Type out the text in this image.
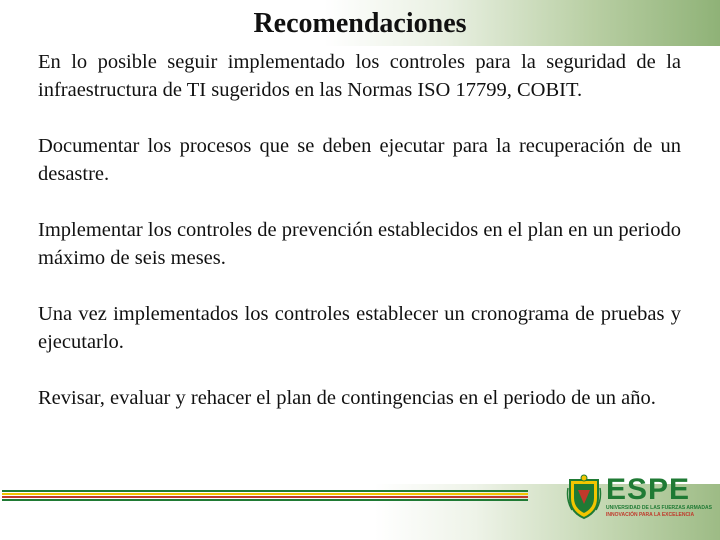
Recomendaciones

En lo posible seguir implementado los controles para la seguridad de la infraestructura de TI sugeridos en las Normas ISO 17799, COBIT.

Documentar los procesos que se deben ejecutar para la recuperación de un desastre.

Implementar los controles de prevención establecidos en el plan en un periodo máximo de seis meses.

Una vez implementados los controles establecer un cronograma de pruebas y ejecutarlo.

Revisar, evaluar y rehacer el plan de contingencias en el periodo de un año.

ESPE
UNIVERSIDAD DE LAS FUERZAS ARMADAS
INNOVACIÓN PARA LA EXCELENCIA
